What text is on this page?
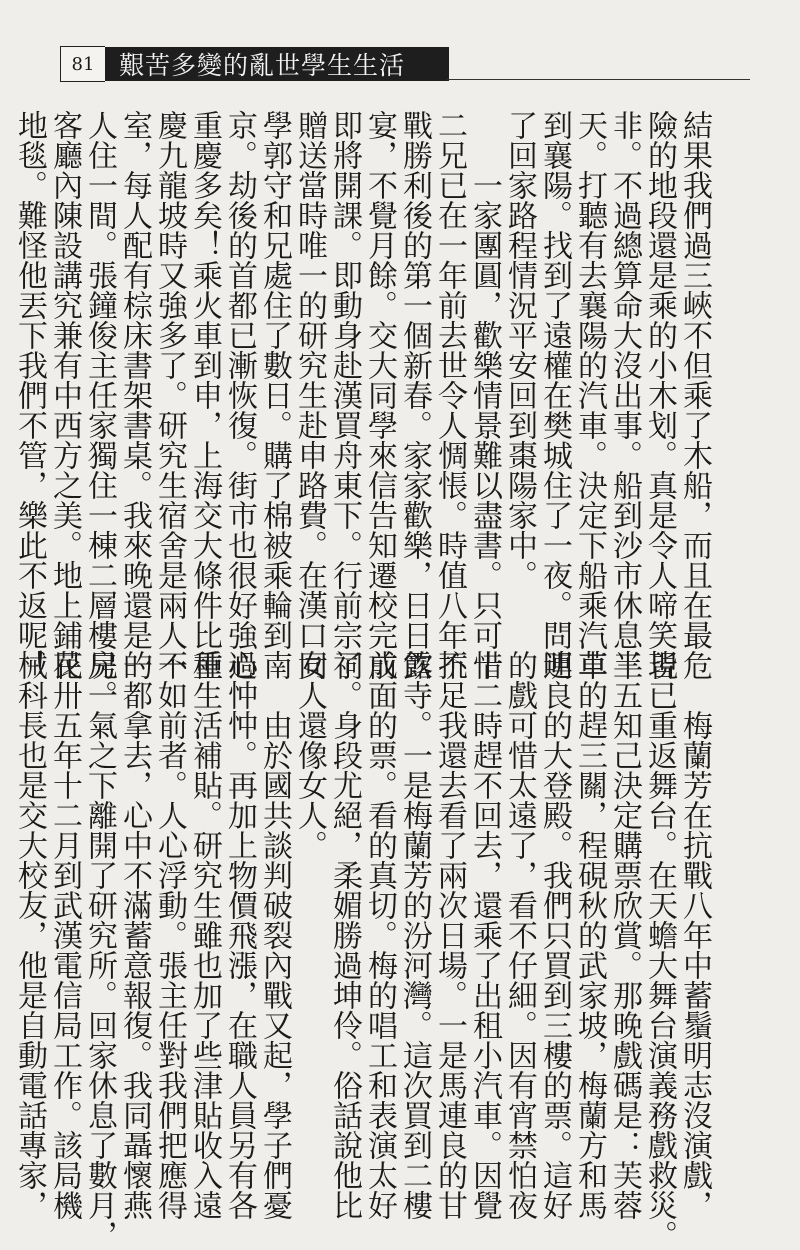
81 艱苦多變的亂世學生生活
結果我們過三峽不但乘了木船，而且在最危
險的地段還是乘的小木划。真是令人啼笑皆
非。不過總算命大沒出事。船到沙市休息半
天。打聽有去襄陽的汽車。決定下船乘汽車
到襄陽。找到了遠權在樊城住了一夜。問明
了回家路程情況平安回到棗陽家中。
一家團圓，歡樂情景難以盡書。只可惜
二兄已在一年前去世令人惆悵。時值八年抗
戰勝利後的第一個新春。家家歡樂，日日飲
宴，不覺月餘。交大同學來信告知遷校完成
即將開課。即動身赴漢買舟東下。行前宗祠
贈送當時唯一的研究生赴申路費。在漢口同
學郭守和兄處住了數日。購了棉被乘輪到南
京。劫後的首都已漸恢復。街市也很好強過
重慶多矣！乘火車到申，上海交大條件比重
慶九龍坡時又強多了。研究生宿舍是兩人一
室，每人配有棕床書架書桌。我來晚還是一
人住一間。張鐘俊主任家獨住一棟二層樓房。
客廳內陳設講究兼有中西方之美。地上鋪花
地毯。難怪他丟下我們不管，樂此不返呢！
梅蘭芳在抗戰八年中蓄鬚明志沒演戲，
現已重返舞台。在天蟾大舞台演義務戲救災。
三五知己決定購票欣賞。那晚戲碼是：芙蓉
草的趕三關，程硯秋的武家坡，梅蘭方和馬
連良的大登殿。我們只買到三樓的票。這好
的戲可惜太遠了，看不仔細。因有宵禁怕夜
十二時趕不回去，還乘了出租小汽車。因覺
不足我還去看了兩次日場。一是馬連良的甘
露寺。一是梅蘭芳的汾河灣。這次買到二樓
前面的票。看的真切。梅的唱工和表演太好
了。身段尤絕，柔媚勝過坤伶。俗話說他比
女人還像女人。
由於國共談判破裂內戰又起，學子們憂
心忡忡。再加上物價飛漲，在職人員另有各
種生活補貼。研究生雖也加了些津貼收入遠
不如前者。人心浮動。張主任對我們把應得
的都拿去，心中不滿蓄意報復。我同聶懷燕
兄一氣之下離開了研究所。回家休息了數月，
民卅五年十二月到武漢電信局工作。該局機
械科長也是交大校友，他是自動電話專家，
